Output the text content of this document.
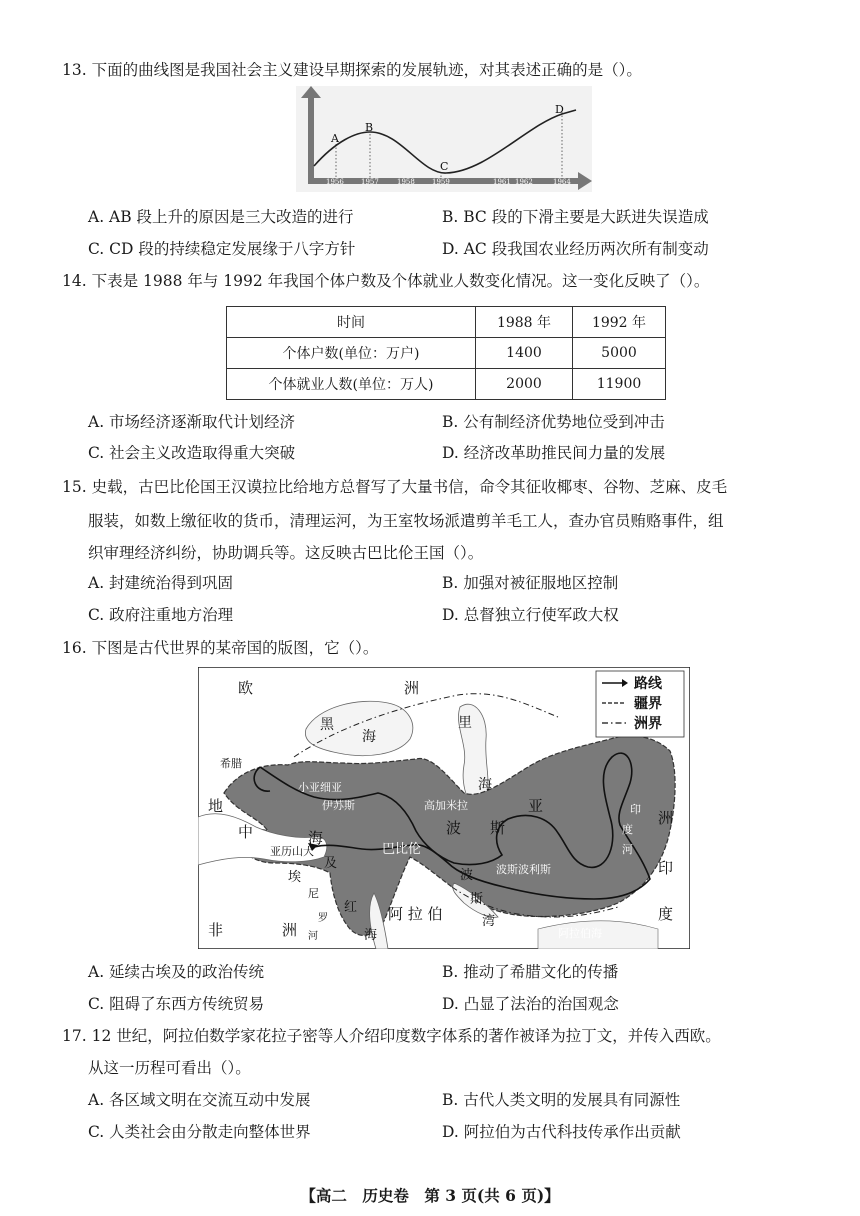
13. 下面的曲线图是我国社会主义建设早期探索的发展轨迹，对其表述正确的是（）。
A
B
C
D
1956 1957	1958 1959	1961 1962	1964
A. AB 段上升的原因是三大改造的进行	B. BC 段的下滑主要是大跃进失误造成
C. CD 段的持续稳定发展缘于八字方针	D. AC 段我国农业经历两次所有制变动
14. 下表是 1988 年与 1992 年我国个体户数及个体就业人数变化情况。这一变化反映了（）。
时间	1988 年	1992 年
个体户数(单位：万户)	1400	5000
个体就业人数(单位：万人)	2000	11900
A. 市场经济逐渐取代计划经济	B. 公有制经济优势地位受到冲击
C. 社会主义改造取得重大突破	D. 经济改革助推民间力量的发展
15. 史载，古巴比伦国王汉谟拉比给地方总督写了大量书信，命令其征收椰枣、谷物、芝麻、皮毛
服装，如数上缴征收的货币，清理运河，为王室牧场派遣剪羊毛工人，查办官员贿赂事件，组
织审理经济纠纷，协助调兵等。这反映古巴比伦王国（）。
A. 封建统治得到巩固	B. 加强对被征服地区控制
C. 政府注重地方治理	D. 总督独立行使军政大权
16. 下图是古代世界的某帝国的版图，它（）。
路线
疆界
洲界
欧	洲
黑
海
里
海
希腊
地
中	海
小亚细亚
伊苏斯	高加米拉	亚
斯
波
巴比伦
波斯波利斯
亚历山大
埃
及
尼
罗
河
红
海
波
斯
湾
阿 拉 伯
阿拉伯海
非	洲
印
度
洲
印
度
河
A. 延续古埃及的政治传统	B. 推动了希腊文化的传播
C. 阻碍了东西方传统贸易	D. 凸显了法治的治国观念
17. 12 世纪，阿拉伯数学家花拉子密等人介绍印度数字体系的著作被译为拉丁文，并传入西欧。
从这一历程可看出（）。
A. 各区域文明在交流互动中发展	B. 古代人类文明的发展具有同源性
C. 人类社会由分散走向整体世界	D. 阿拉伯为古代科技传承作出贡献
【高二　历史卷　第 3 页(共 6 页)】
